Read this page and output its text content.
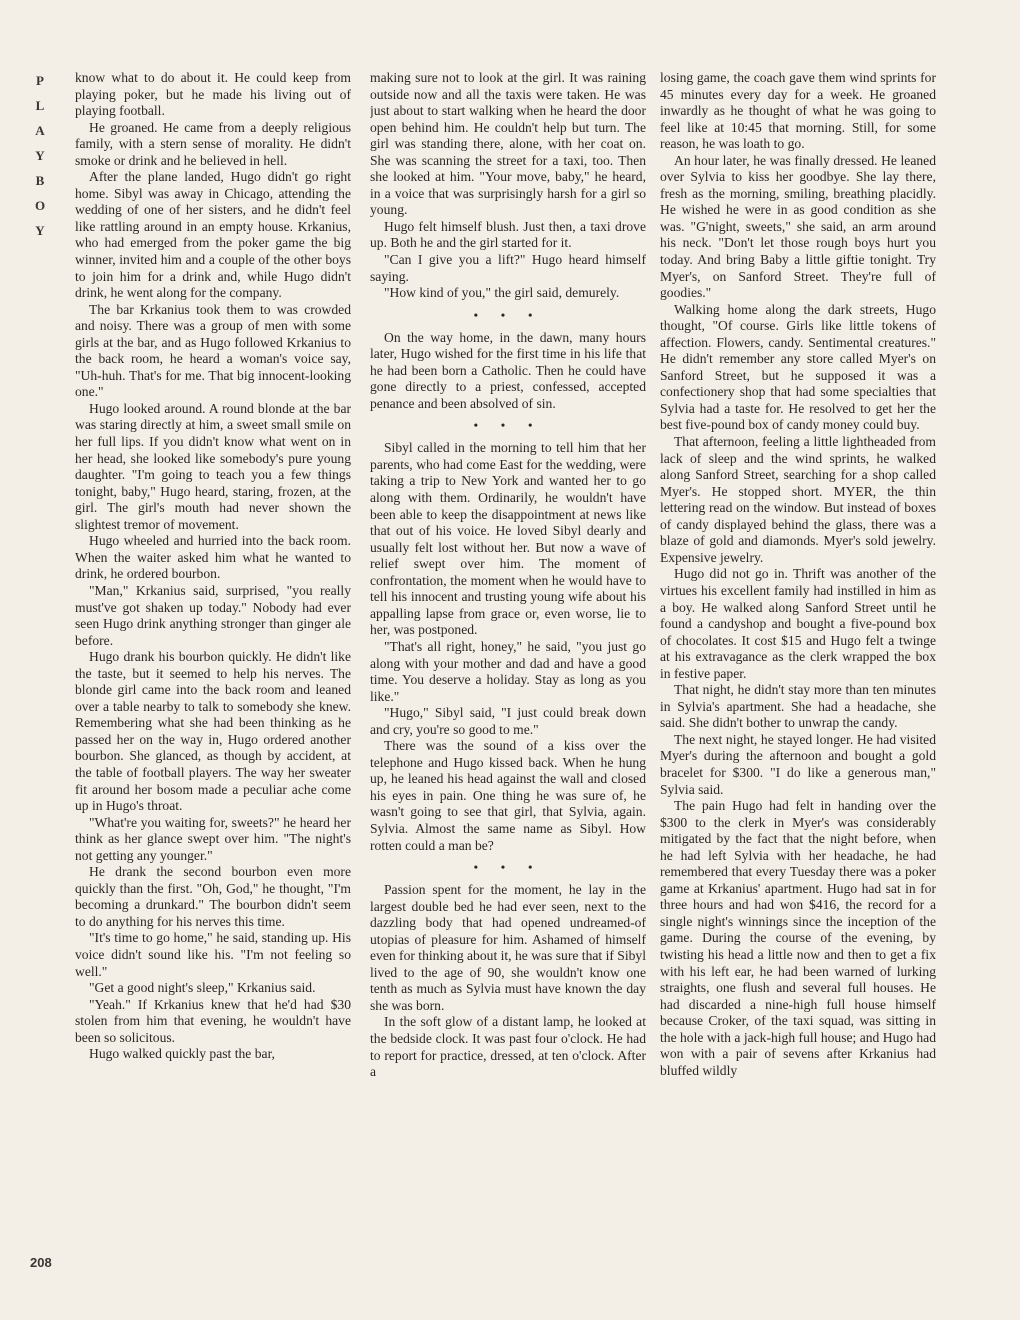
P
L
A
Y
B
O
Y
208

know what to do about it. He could keep from playing poker, but he made his living out of playing football.

He groaned. He came from a deeply religious family, with a stern sense of morality. He didn't smoke or drink and he believed in hell.

After the plane landed, Hugo didn't go right home. Sibyl was away in Chicago, attending the wedding of one of her sisters, and he didn't feel like rattling around in an empty house. Krkanius, who had emerged from the poker game the big winner, invited him and a couple of the other boys to join him for a drink and, while Hugo didn't drink, he went along for the company.

The bar Krkanius took them to was crowded and noisy. There was a group of men with some girls at the bar, and as Hugo followed Krkanius to the back room, he heard a woman's voice say, "Uh-huh. That's for me. That big innocent-looking one."

Hugo looked around. A round blonde at the bar was staring directly at him, a sweet small smile on her full lips. If you didn't know what went on in her head, she looked like somebody's pure young daughter. "I'm going to teach you a few things tonight, baby," Hugo heard, staring, frozen, at the girl. The girl's mouth had never shown the slightest tremor of movement.

Hugo wheeled and hurried into the back room. When the waiter asked him what he wanted to drink, he ordered bourbon.

"Man," Krkanius said, surprised, "you really must've got shaken up today." Nobody had ever seen Hugo drink anything stronger than ginger ale before.

Hugo drank his bourbon quickly. He didn't like the taste, but it seemed to help his nerves. The blonde girl came into the back room and leaned over a table nearby to talk to somebody she knew. Remembering what she had been thinking as he passed her on the way in, Hugo ordered another bourbon. She glanced, as though by accident, at the table of football players. The way her sweater fit around her bosom made a peculiar ache come up in Hugo's throat.

"What're you waiting for, sweets?" he heard her think as her glance swept over him. "The night's not getting any younger."

He drank the second bourbon even more quickly than the first. "Oh, God," he thought, "I'm becoming a drunkard." The bourbon didn't seem to do anything for his nerves this time.

"It's time to go home," he said, standing up. His voice didn't sound like his. "I'm not feeling so well."

"Get a good night's sleep," Krkanius said.

"Yeah." If Krkanius knew that he'd had $30 stolen from him that evening, he wouldn't have been so solicitous.

Hugo walked quickly past the bar,

making sure not to look at the girl. It was raining outside now and all the taxis were taken. He was just about to start walking when he heard the door open behind him. He couldn't help but turn. The girl was standing there, alone, with her coat on. She was scanning the street for a taxi, too. Then she looked at him. "Your move, baby," he heard, in a voice that was surprisingly harsh for a girl so young.

Hugo felt himself blush. Just then, a taxi drove up. Both he and the girl started for it.

"Can I give you a lift?" Hugo heard himself saying.

"How kind of you," the girl said, demurely.

• • •

On the way home, in the dawn, many hours later, Hugo wished for the first time in his life that he had been born a Catholic. Then he could have gone directly to a priest, confessed, accepted penance and been absolved of sin.

• • •

Sibyl called in the morning to tell him that her parents, who had come East for the wedding, were taking a trip to New York and wanted her to go along with them. Ordinarily, he wouldn't have been able to keep the disappointment at news like that out of his voice. He loved Sibyl dearly and usually felt lost without her. But now a wave of relief swept over him. The moment of confrontation, the moment when he would have to tell his innocent and trusting young wife about his appalling lapse from grace or, even worse, lie to her, was postponed.

"That's all right, honey," he said, "you just go along with your mother and dad and have a good time. You deserve a holiday. Stay as long as you like."

"Hugo," Sibyl said, "I just could break down and cry, you're so good to me."

There was the sound of a kiss over the telephone and Hugo kissed back. When he hung up, he leaned his head against the wall and closed his eyes in pain. One thing he was sure of, he wasn't going to see that girl, that Sylvia, again. Sylvia. Almost the same name as Sibyl. How rotten could a man be?

• • •

Passion spent for the moment, he lay in the largest double bed he had ever seen, next to the dazzling body that had opened undreamed-of utopias of pleasure for him. Ashamed of himself even for thinking about it, he was sure that if Sibyl lived to the age of 90, she wouldn't know one tenth as much as Sylvia must have known the day she was born.

In the soft glow of a distant lamp, he looked at the bedside clock. It was past four o'clock. He had to report for practice, dressed, at ten o'clock. After a

losing game, the coach gave them wind sprints for 45 minutes every day for a week. He groaned inwardly as he thought of what he was going to feel like at 10:45 that morning. Still, for some reason, he was loath to go.

An hour later, he was finally dressed. He leaned over Sylvia to kiss her goodbye. She lay there, fresh as the morning, smiling, breathing placidly. He wished he were in as good condition as she was. "G'night, sweets," she said, an arm around his neck. "Don't let those rough boys hurt you today. And bring Baby a little giftie tonight. Try Myer's, on Sanford Street. They're full of goodies."

Walking home along the dark streets, Hugo thought, "Of course. Girls like little tokens of affection. Flowers, candy. Sentimental creatures." He didn't remember any store called Myer's on Sanford Street, but he supposed it was a confectionery shop that had some specialties that Sylvia had a taste for. He resolved to get her the best five-pound box of candy money could buy.

That afternoon, feeling a little lightheaded from lack of sleep and the wind sprints, he walked along Sanford Street, searching for a shop called Myer's. He stopped short. MYER, the thin lettering read on the window. But instead of boxes of candy displayed behind the glass, there was a blaze of gold and diamonds. Myer's sold jewelry. Expensive jewelry.

Hugo did not go in. Thrift was another of the virtues his excellent family had instilled in him as a boy. He walked along Sanford Street until he found a candyshop and bought a five-pound box of chocolates. It cost $15 and Hugo felt a twinge at his extravagance as the clerk wrapped the box in festive paper.

That night, he didn't stay more than ten minutes in Sylvia's apartment. She had a headache, she said. She didn't bother to unwrap the candy.

The next night, he stayed longer. He had visited Myer's during the afternoon and bought a gold bracelet for $300. "I do like a generous man," Sylvia said.

The pain Hugo had felt in handing over the $300 to the clerk in Myer's was considerably mitigated by the fact that the night before, when he had left Sylvia with her headache, he had remembered that every Tuesday there was a poker game at Krkanius' apartment. Hugo had sat in for three hours and had won $416, the record for a single night's winnings since the inception of the game. During the course of the evening, by twisting his head a little now and then to get a fix with his left ear, he had been warned of lurking straights, one flush and several full houses. He had discarded a nine-high full house himself because Croker, of the taxi squad, was sitting in the hole with a jack-high full house; and Hugo had won with a pair of sevens after Krkanius had bluffed wildly
